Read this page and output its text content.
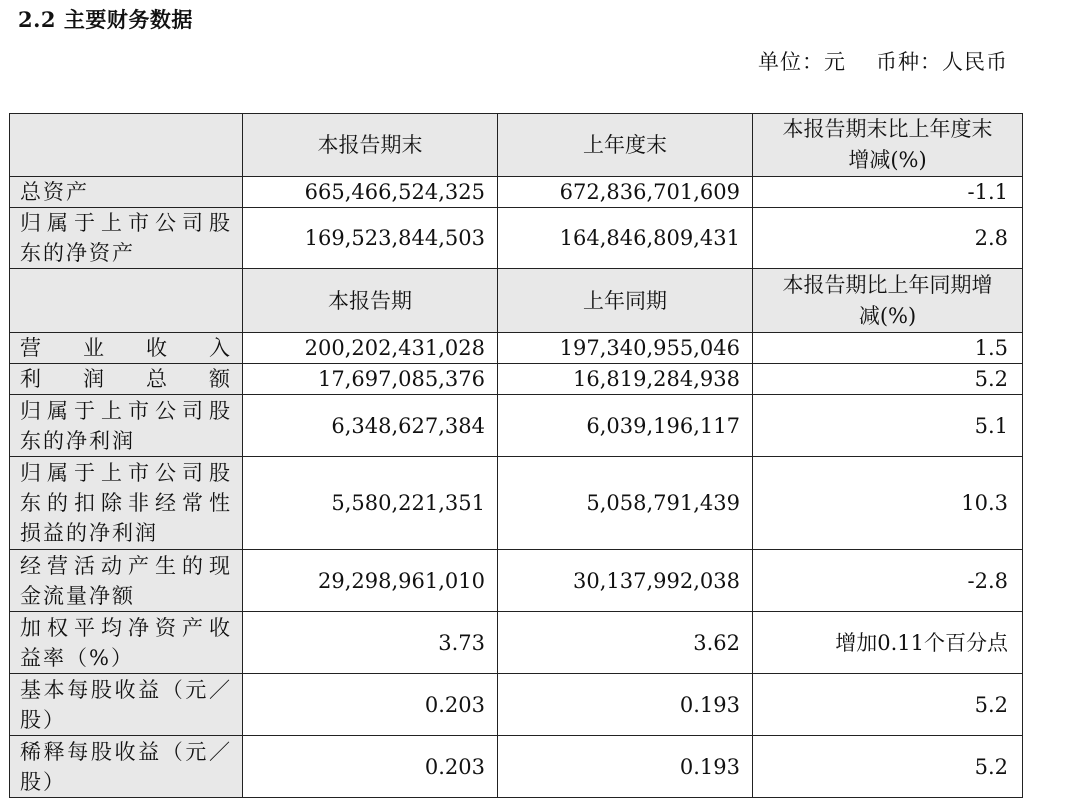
2.2 主要财务数据
单位：元 币种：人民币
	本报告期末	上年度末	本报告期末比上年度末
增减(%)

总资产	665,466,524,325	672,836,701,609	-1.1

归属于上市公司股
东的净资产	169,523,844,503	164,846,809,431	2.8
	本报告期	上年同期	本报告期比上年同期增
减(%)

营业收入	200,202,431,028	197,340,955,046	1.5
利润总额	17,697,085,376	16,819,284,938	5.2

归属于上市公司股
东的净利润	6,348,627,384	6,039,196,117	5.1

归属于上市公司股
东的扣除非经常性
损益的净利润	5,580,221,351	5,058,791,439	10.3

经营活动产生的现
金流量净额	29,298,961,010	30,137,992,038	-2.8

加权平均净资产收
益率（%）	3.73	3.62	增加0.11个百分点

基本每股收益（元／
股）	0.203	0.193	5.2

稀释每股收益（元／
股）	0.203	0.193	5.2
